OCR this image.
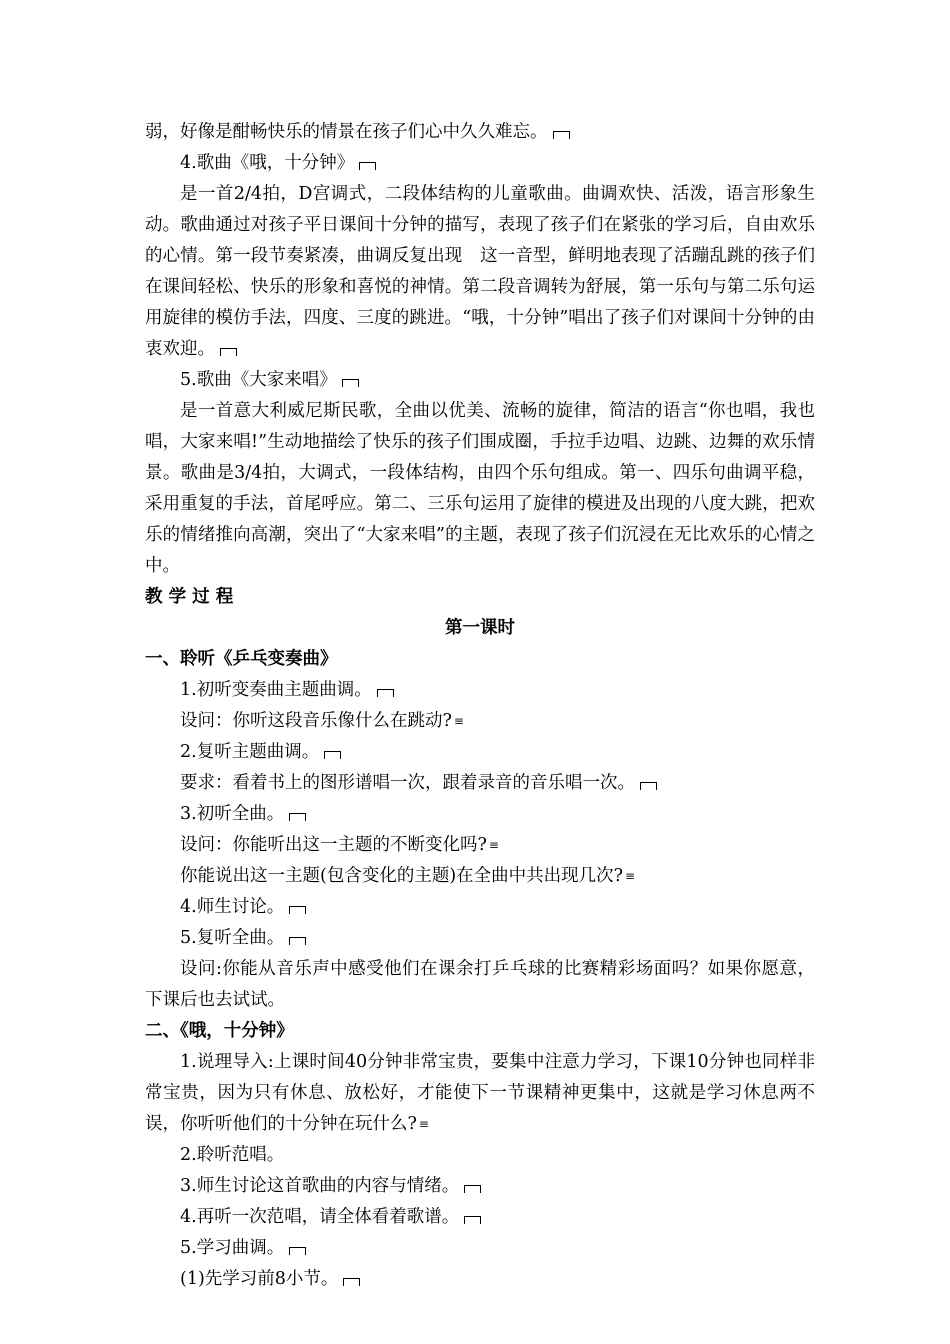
弱，好像是酣畅快乐的情景在孩子们心中久久难忘。

4.歌曲《哦，十分钟》

是一首2/4拍，D宫调式，二段体结构的儿童歌曲。曲调欢快、活泼，语言形象生动。歌曲通过对孩子平日课间十分钟的描写，表现了孩子们在紧张的学习后，自由欢乐的心情。第一段节奏紧凑，曲调反复出现　这一音型，鲜明地表现了活蹦乱跳的孩子们在课间轻松、快乐的形象和喜悦的神情。第二段音调转为舒展，第一乐句与第二乐句运用旋律的模仿手法，四度、三度的跳进。“哦，十分钟”唱出了孩子们对课间十分钟的由衷欢迎。

5.歌曲《大家来唱》

是一首意大利威尼斯民歌，全曲以优美、流畅的旋律，简洁的语言“你也唱，我也唱，大家来唱!”生动地描绘了快乐的孩子们围成圈，手拉手边唱、边跳、边舞的欢乐情景。歌曲是3/4拍，大调式，一段体结构，由四个乐句组成。第一、四乐句曲调平稳，采用重复的手法，首尾呼应。第二、三乐句运用了旋律的模进及出现的八度大跳，把欢乐的情绪推向高潮，突出了“大家来唱”的主题，表现了孩子们沉浸在无比欢乐的心情之中。

教 学 过 程

第一课时

一、聆听《乒乓变奏曲》

1.初听变奏曲主题曲调。

设问：你听这段音乐像什么在跳动? ≡

2.复听主题曲调。

要求：看着书上的图形谱唱一次，跟着录音的音乐唱一次。

3.初听全曲。

设问：你能听出这一主题的不断变化吗? ≡

你能说出这一主题(包含变化的主题)在全曲中共出现几次? ≡

4.师生讨论。

5.复听全曲。

设问:你能从音乐声中感受他们在课余打乒乓球的比赛精彩场面吗？如果你愿意，下课后也去试试。

二、《哦，十分钟》

1.说理导入:上课时间40分钟非常宝贵，要集中注意力学习，下课10分钟也同样非常宝贵，因为只有休息、放松好，才能使下一节课精神更集中，这就是学习休息两不误，你听听他们的十分钟在玩什么? ≡

2.聆听范唱。

3.师生讨论这首歌曲的内容与情绪。

4.再听一次范唱，请全体看着歌谱。

5.学习曲调。

(1)先学习前8小节。
